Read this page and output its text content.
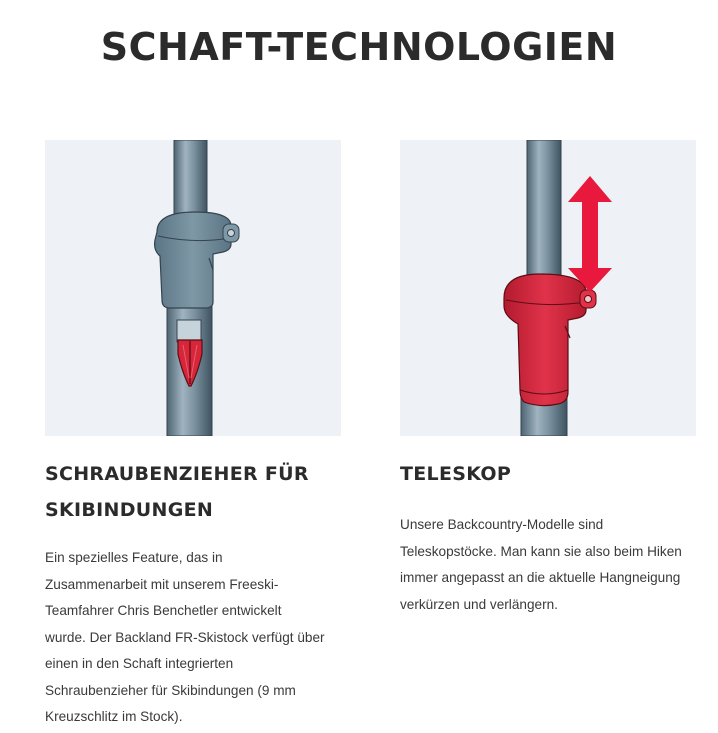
SCHAFT-TECHNOLOGIEN
SCHRAUBENZIEHER FÜR SKIBINDUNGEN

Ein spezielles Feature, das in Zusammenarbeit mit unserem Freeski-Teamfahrer Chris Benchetler entwickelt wurde. Der Backland FR-Skistock verfügt über einen in den Schaft integrierten Schraubenzieher für Skibindungen (9 mm Kreuzschlitz im Stock).

TELESKOP

Unsere Backcountry-Modelle sind Teleskopstöcke. Man kann sie also beim Hiken immer angepasst an die aktuelle Hangneigung verkürzen und verlängern.
